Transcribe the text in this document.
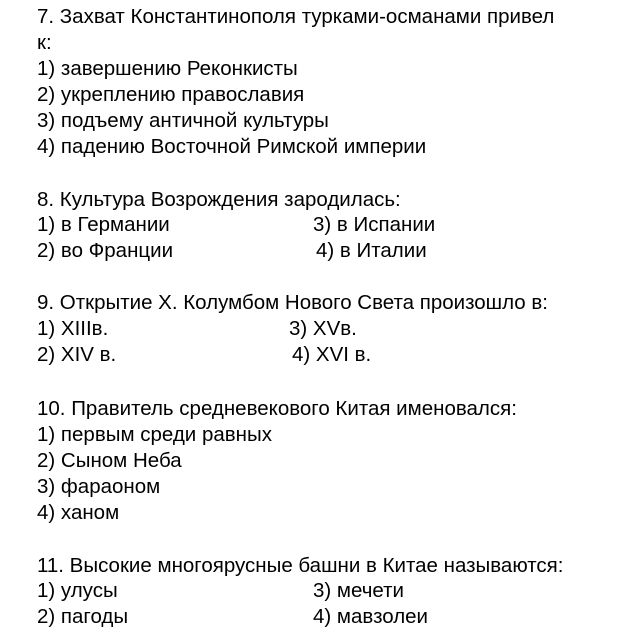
7. Захват Константинополя турками-османами привел

к:

1) завершению Реконкисты

2) укреплению православия

3) подъему античной культуры

4) падению Восточной Римской империи

8. Культура Возрождения зародилась:

1) в Германии	3) в Испании

2) во Франции	4) в Италии

9. Открытие Х. Колумбом Нового Света произошло в:

1) XIIIв.	3) XVв.

2) XIV в.	4) XVI в.

10. Правитель средневекового Китая именовался:

1) первым среди равных

2) Сыном Неба

3) фараоном

4) ханом

11. Высокие многоярусные башни в Китае называются:

1) улусы	3) мечети

2) пагоды	4) мавзолеи
